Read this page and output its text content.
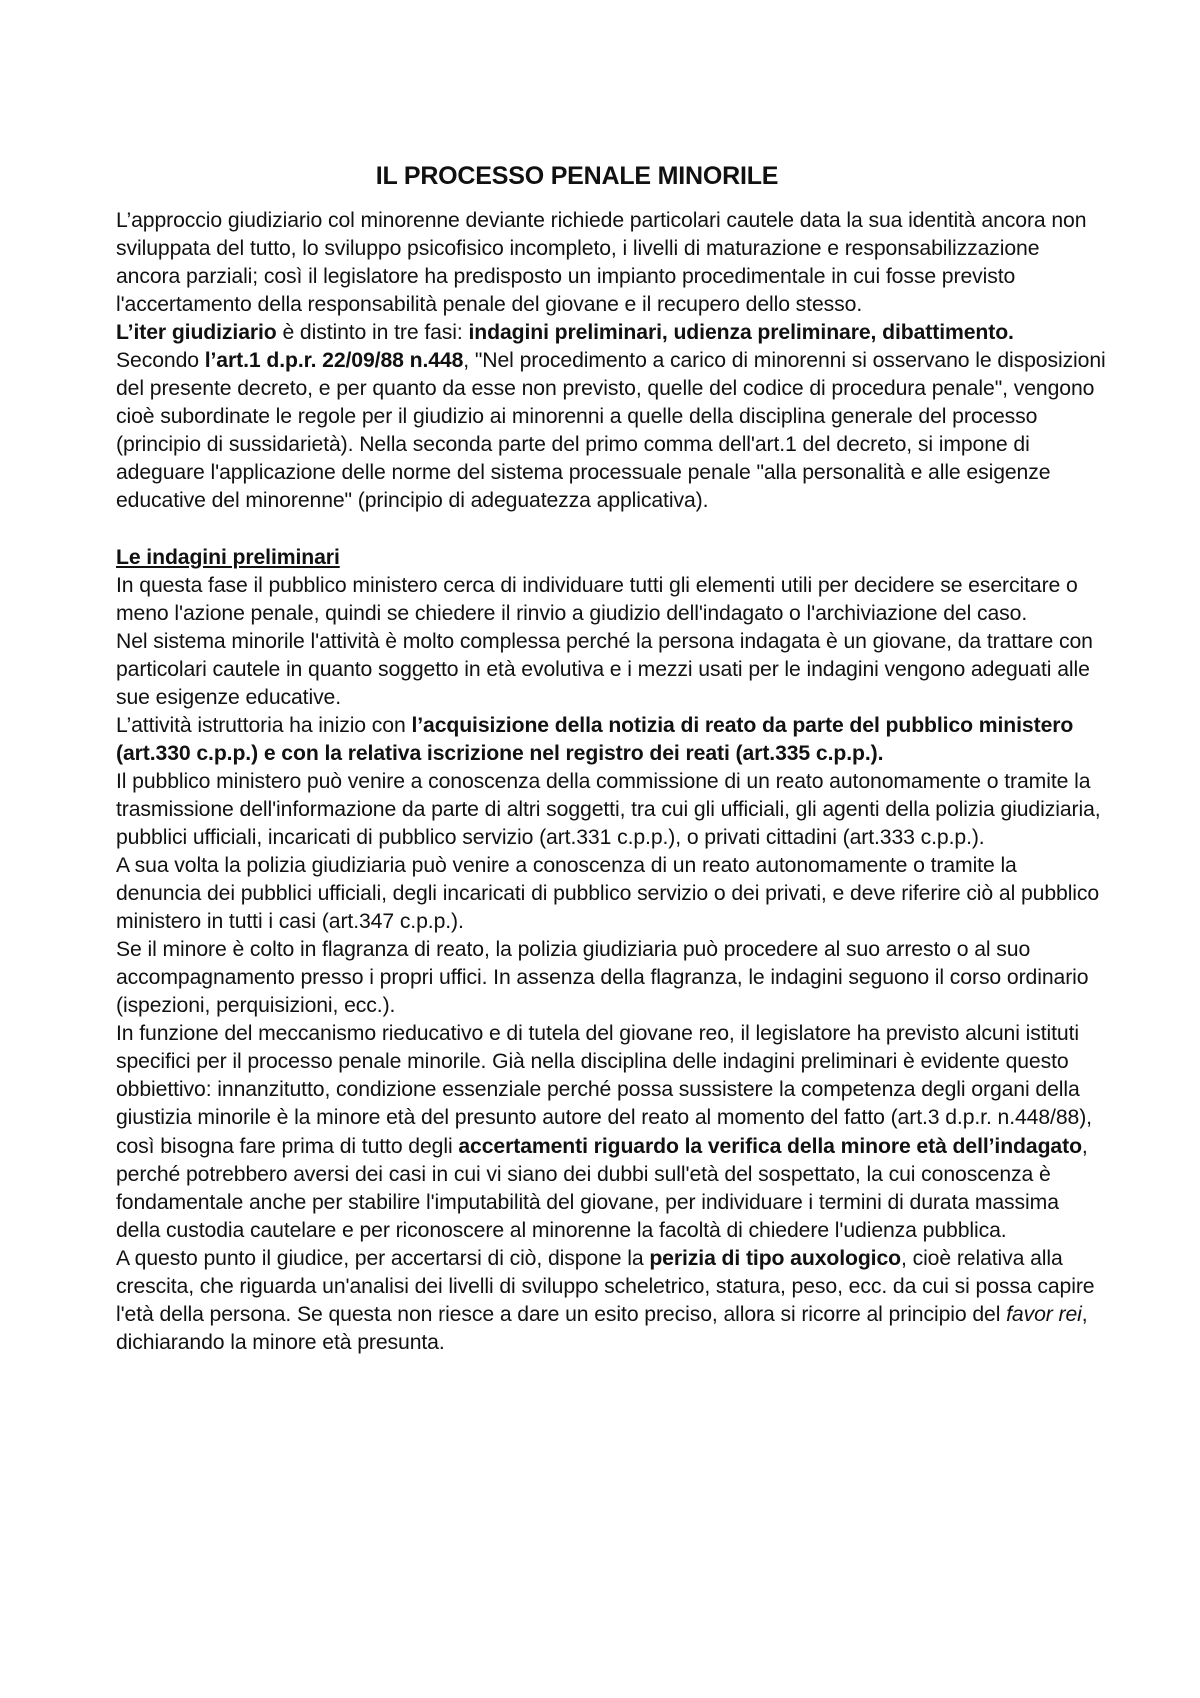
IL PROCESSO PENALE MINORILE

L’approccio giudiziario col minorenne deviante richiede particolari cautele data la sua identità ancora non sviluppata del tutto, lo sviluppo psicofisico incompleto, i livelli di maturazione e responsabilizzazione ancora parziali; così il legislatore ha predisposto un impianto procedimentale in cui fosse previsto l'accertamento della responsabilità penale del giovane e il recupero dello stesso.

L’iter giudiziario è distinto in tre fasi: indagini preliminari, udienza preliminare, dibattimento.

Secondo l’art.1 d.p.r. 22/09/88 n.448, "Nel procedimento a carico di minorenni si osservano le disposizioni del presente decreto, e per quanto da esse non previsto, quelle del codice di procedura penale", vengono cioè subordinate le regole per il giudizio ai minorenni a quelle della disciplina generale del processo (principio di sussidarietà). Nella seconda parte del primo comma dell'art.1 del decreto, si impone di adeguare l'applicazione delle norme del sistema processuale penale "alla personalità e alle esigenze educative del minorenne" (principio di adeguatezza applicativa).

Le indagini preliminari

In questa fase il pubblico ministero cerca di individuare tutti gli elementi utili per decidere se esercitare o meno l'azione penale, quindi se chiedere il rinvio a giudizio dell'indagato o l'archiviazione del caso.

Nel sistema minorile l'attività è molto complessa perché la persona indagata è un giovane, da trattare con particolari cautele in quanto soggetto in età evolutiva e i mezzi usati per le indagini vengono adeguati alle sue esigenze educative.

L’attività istruttoria ha inizio con l’acquisizione della notizia di reato da parte del pubblico ministero (art.330 c.p.p.) e con la relativa iscrizione nel registro dei reati (art.335 c.p.p.).

Il pubblico ministero può venire a conoscenza della commissione di un reato autonomamente o tramite la trasmissione dell'informazione da parte di altri soggetti, tra cui gli ufficiali, gli agenti della polizia giudiziaria, pubblici ufficiali, incaricati di pubblico servizio (art.331 c.p.p.), o privati cittadini (art.333 c.p.p.).

A sua volta la polizia giudiziaria può venire a conoscenza di un reato autonomamente o tramite la denuncia dei pubblici ufficiali, degli incaricati di pubblico servizio o dei privati, e deve riferire ciò al pubblico ministero in tutti i casi (art.347 c.p.p.).

Se il minore è colto in flagranza di reato, la polizia giudiziaria può procedere al suo arresto o al suo accompagnamento presso i propri uffici. In assenza della flagranza, le indagini seguono il corso ordinario (ispezioni, perquisizioni, ecc.).

In funzione del meccanismo rieducativo e di tutela del giovane reo, il legislatore ha previsto alcuni istituti specifici per il processo penale minorile. Già nella disciplina delle indagini preliminari è evidente questo obbiettivo: innanzitutto, condizione essenziale perché possa sussistere la competenza degli organi della giustizia minorile è la minore età del presunto autore del reato al momento del fatto (art.3 d.p.r. n.448/88), così bisogna fare prima di tutto degli accertamenti riguardo la verifica della minore età dell’indagato, perché potrebbero aversi dei casi in cui vi siano dei dubbi sull'età del sospettato, la cui conoscenza è fondamentale anche per stabilire l'imputabilità del giovane, per individuare i termini di durata massima della custodia cautelare e per riconoscere al minorenne la facoltà di chiedere l'udienza pubblica.

A questo punto il giudice, per accertarsi di ciò, dispone la perizia di tipo auxologico, cioè relativa alla crescita, che riguarda un'analisi dei livelli di sviluppo scheletrico, statura, peso, ecc. da cui si possa capire l'età della persona. Se questa non riesce a dare un esito preciso, allora si ricorre al principio del favor rei, dichiarando la minore età presunta.
